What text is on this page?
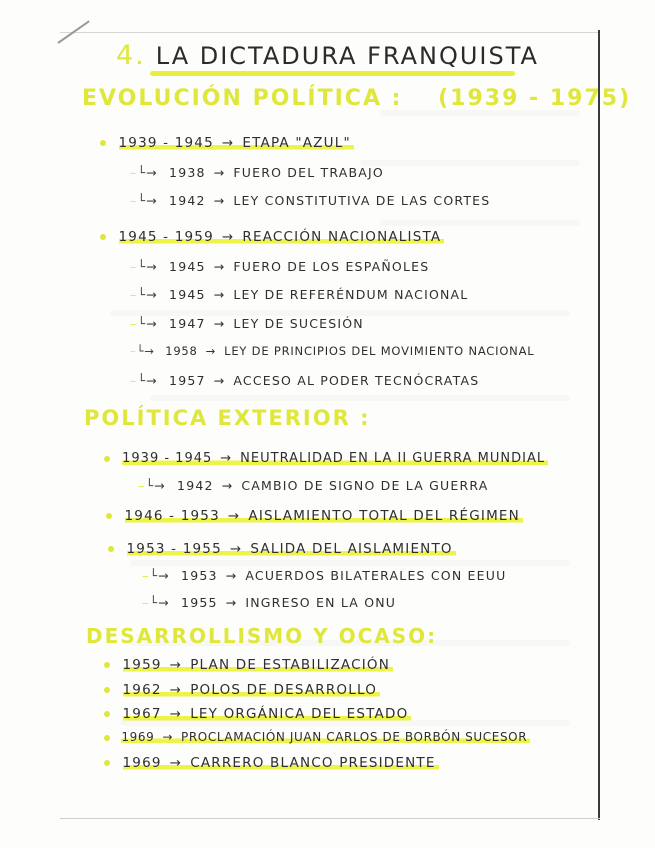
4. LA DICTADURA FRANQUISTA
EVOLUCIÓN POLÍTICA : (1939 - 1975)
1939 - 1945 → ETAPA "AZUL"
–└→ 1938 → FUERO DEL TRABAJO
–└→ 1942 → LEY CONSTITUTIVA DE LAS CORTES
1945 - 1959 → REACCIÓN NACIONALISTA
–└→ 1945 → FUERO DE LOS ESPAÑOLES
–└→ 1945 → LEY DE REFERÉNDUM NACIONAL
–└→ 1947 → LEY DE SUCESIÓN
–└→ 1958 → LEY DE PRINCIPIOS DEL MOVIMIENTO NACIONAL
–└→ 1957 → ACCESO AL PODER TECNÓCRATAS
POLÍTICA EXTERIOR :
1939 - 1945 → NEUTRALIDAD EN LA II GUERRA MUNDIAL
–└→ 1942 → CAMBIO DE SIGNO DE LA GUERRA
1946 - 1953 → AISLAMIENTO TOTAL DEL RÉGIMEN
1953 - 1955 → SALIDA DEL AISLAMIENTO
–└→ 1953 → ACUERDOS BILATERALES CON EEUU
–└→ 1955 → INGRESO EN LA ONU
DESARROLLISMO Y OCASO:
1959 → PLAN DE ESTABILIZACIÓN
1962 → POLOS DE DESARROLLO
1967 → LEY ORGÁNICA DEL ESTADO
1969 → PROCLAMACIÓN JUAN CARLOS DE BORBÓN SUCESOR
1969 → CARRERO BLANCO PRESIDENTE
